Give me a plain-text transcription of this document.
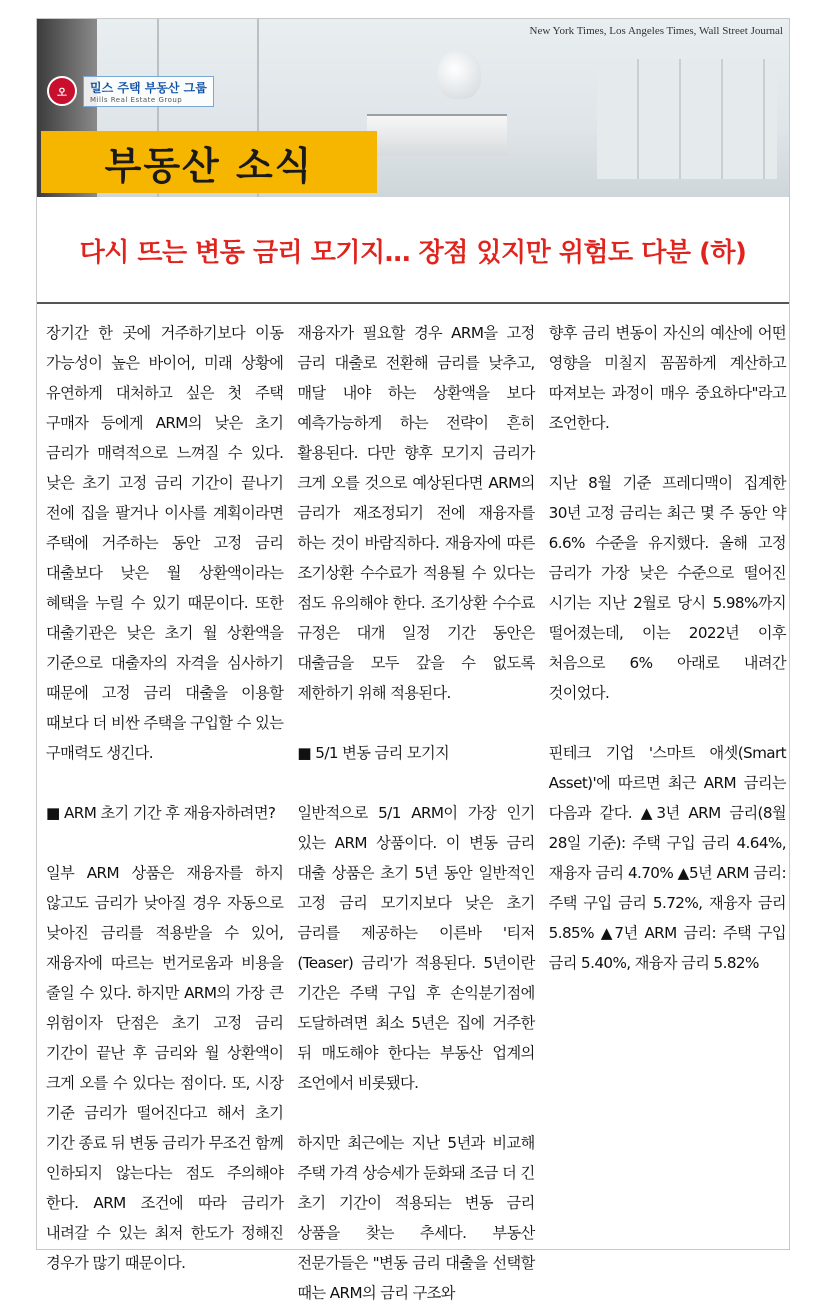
New York Times, Los Angeles Times, Wall Street Journal
오	밀스 주택 부동산 그룹
Mills Real Estate Group
부동산 소식
다시 뜨는 변동 금리 모기지… 장점 있지만 위험도 다분 (하)

장기간 한 곳에 거주하기보다 이동 가능성이 높은 바이어, 미래 상황에 유연하게 대처하고 싶은 첫 주택 구매자 등에게 ARM의 낮은 초기 금리가 매력적으로 느껴질 수 있다. 낮은 초기 고정 금리 기간이 끝나기 전에 집을 팔거나 이사를 계획이라면 주택에 거주하는 동안 고정 금리 대출보다 낮은 월 상환액이라는 혜택을 누릴 수 있기 때문이다. 또한 대출기관은 낮은 초기 월 상환액을 기준으로 대출자의 자격을 심사하기 때문에 고정 금리 대출을 이용할 때보다 더 비싼 주택을 구입할 수 있는 구매력도 생긴다.

■ ARM 초기 기간 후 재융자하려면?

일부 ARM 상품은 재융자를 하지 않고도 금리가 낮아질 경우 자동으로 낮아진 금리를 적용받을 수 있어, 재융자에 따르는 번거로움과 비용을 줄일 수 있다. 하지만 ARM의 가장 큰 위험이자 단점은 초기 고정 금리 기간이 끝난 후 금리와 월 상환액이 크게 오를 수 있다는 점이다. 또, 시장 기준 금리가 떨어진다고 해서 초기 기간 종료 뒤 변동 금리가 무조건 함께 인하되지 않는다는 점도 주의해야 한다. ARM 조건에 따라 금리가 내려갈 수 있는 최저 한도가 정해진 경우가 많기 때문이다.

재융자가 필요할 경우 ARM을 고정 금리 대출로 전환해 금리를 낮추고, 매달 내야 하는 상환액을 보다 예측가능하게 하는 전략이 흔히 활용된다. 다만 향후 모기지 금리가 크게 오를 것으로 예상된다면 ARM의 금리가 재조정되기 전에 재융자를 하는 것이 바람직하다. 재융자에 따른 조기상환 수수료가 적용될 수 있다는 점도 유의해야 한다. 조기상환 수수료 규정은 대개 일정 기간 동안은 대출금을 모두 갚을 수 없도록 제한하기 위해 적용된다.

■ 5/1 변동 금리 모기지

일반적으로 5/1 ARM이 가장 인기 있는 ARM 상품이다. 이 변동 금리 대출 상품은 초기 5년 동안 일반적인 고정 금리 모기지보다 낮은 초기 금리를 제공하는 이른바 '티저(Teaser) 금리'가 적용된다. 5년이란 기간은 주택 구입 후 손익분기점에 도달하려면 최소 5년은 집에 거주한 뒤 매도해야 한다는 부동산 업계의 조언에서 비롯됐다.

하지만 최근에는 지난 5년과 비교해 주택 가격 상승세가 둔화돼 조금 더 긴 초기 기간이 적용되는 변동 금리 상품을 찾는 추세다. 부동산 전문가들은 "변동 금리 대출을 선택할 때는 ARM의 금리 구조와

향후 금리 변동이 자신의 예산에 어떤 영향을 미칠지 꼼꼼하게 계산하고 따져보는 과정이 매우 중요하다"라고 조언한다.

지난 8월 기준 프레디맥이 집계한 30년 고정 금리는 최근 몇 주 동안 약 6.6% 수준을 유지했다. 올해 고정 금리가 가장 낮은 수준으로 떨어진 시기는 지난 2월로 당시 5.98%까지 떨어졌는데, 이는 2022년 이후 처음으로 6% 아래로 내려간 것이었다.

핀테크 기업 '스마트 애셋(Smart Asset)'에 따르면 최근 ARM 금리는 다음과 같다. ▲3년 ARM 금리(8월 28일 기준): 주택 구입 금리 4.64%, 재융자 금리 4.70% ▲5년 ARM 금리: 주택 구입 금리 5.72%, 재융자 금리 5.85% ▲7년 ARM 금리: 주택 구입 금리 5.40%, 재융자 금리 5.82%
